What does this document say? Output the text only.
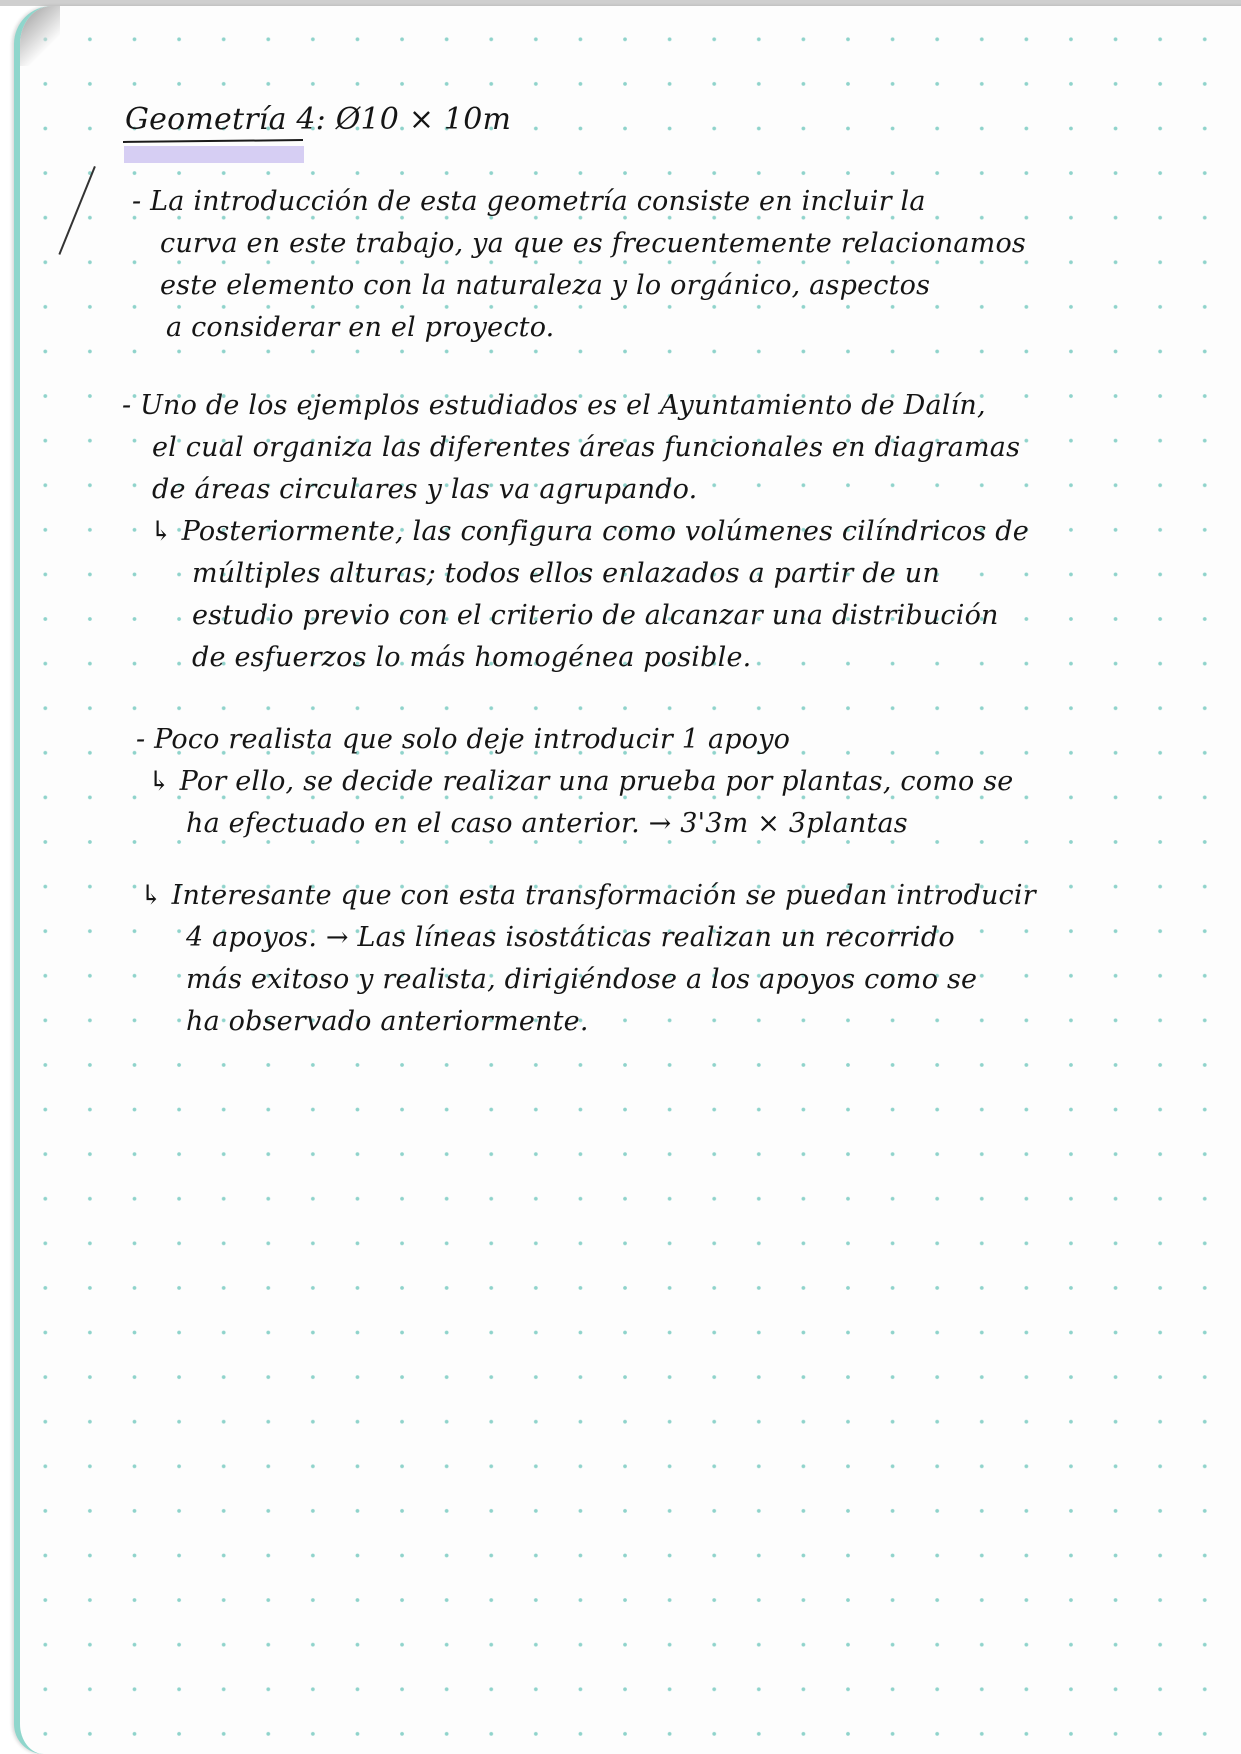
Geometría 4: Ø10 × 10m

- La introducción de esta geometría consiste en incluir la

curva en este trabajo, ya que es frecuentemente relacionamos

este elemento con la naturaleza y lo orgánico, aspectos

a considerar en el proyecto.

- Uno de los ejemplos estudiados es el Ayuntamiento de Dalín,

el cual organiza las diferentes áreas funcionales en diagramas

de áreas circulares y las va agrupando.

↳ Posteriormente, las configura como volúmenes cilíndricos de

múltiples alturas; todos ellos enlazados a partir de un

estudio previo con el criterio de alcanzar una distribución

de esfuerzos lo más homogénea posible.

- Poco realista que solo deje introducir 1 apoyo

↳ Por ello, se decide realizar una prueba por plantas, como se

ha efectuado en el caso anterior. → 3'3m × 3plantas

↳ Interesante que con esta transformación se puedan introducir

4 apoyos. → Las líneas isostáticas realizan un recorrido

más exitoso y realista, dirigiéndose a los apoyos como se

ha observado anteriormente.
